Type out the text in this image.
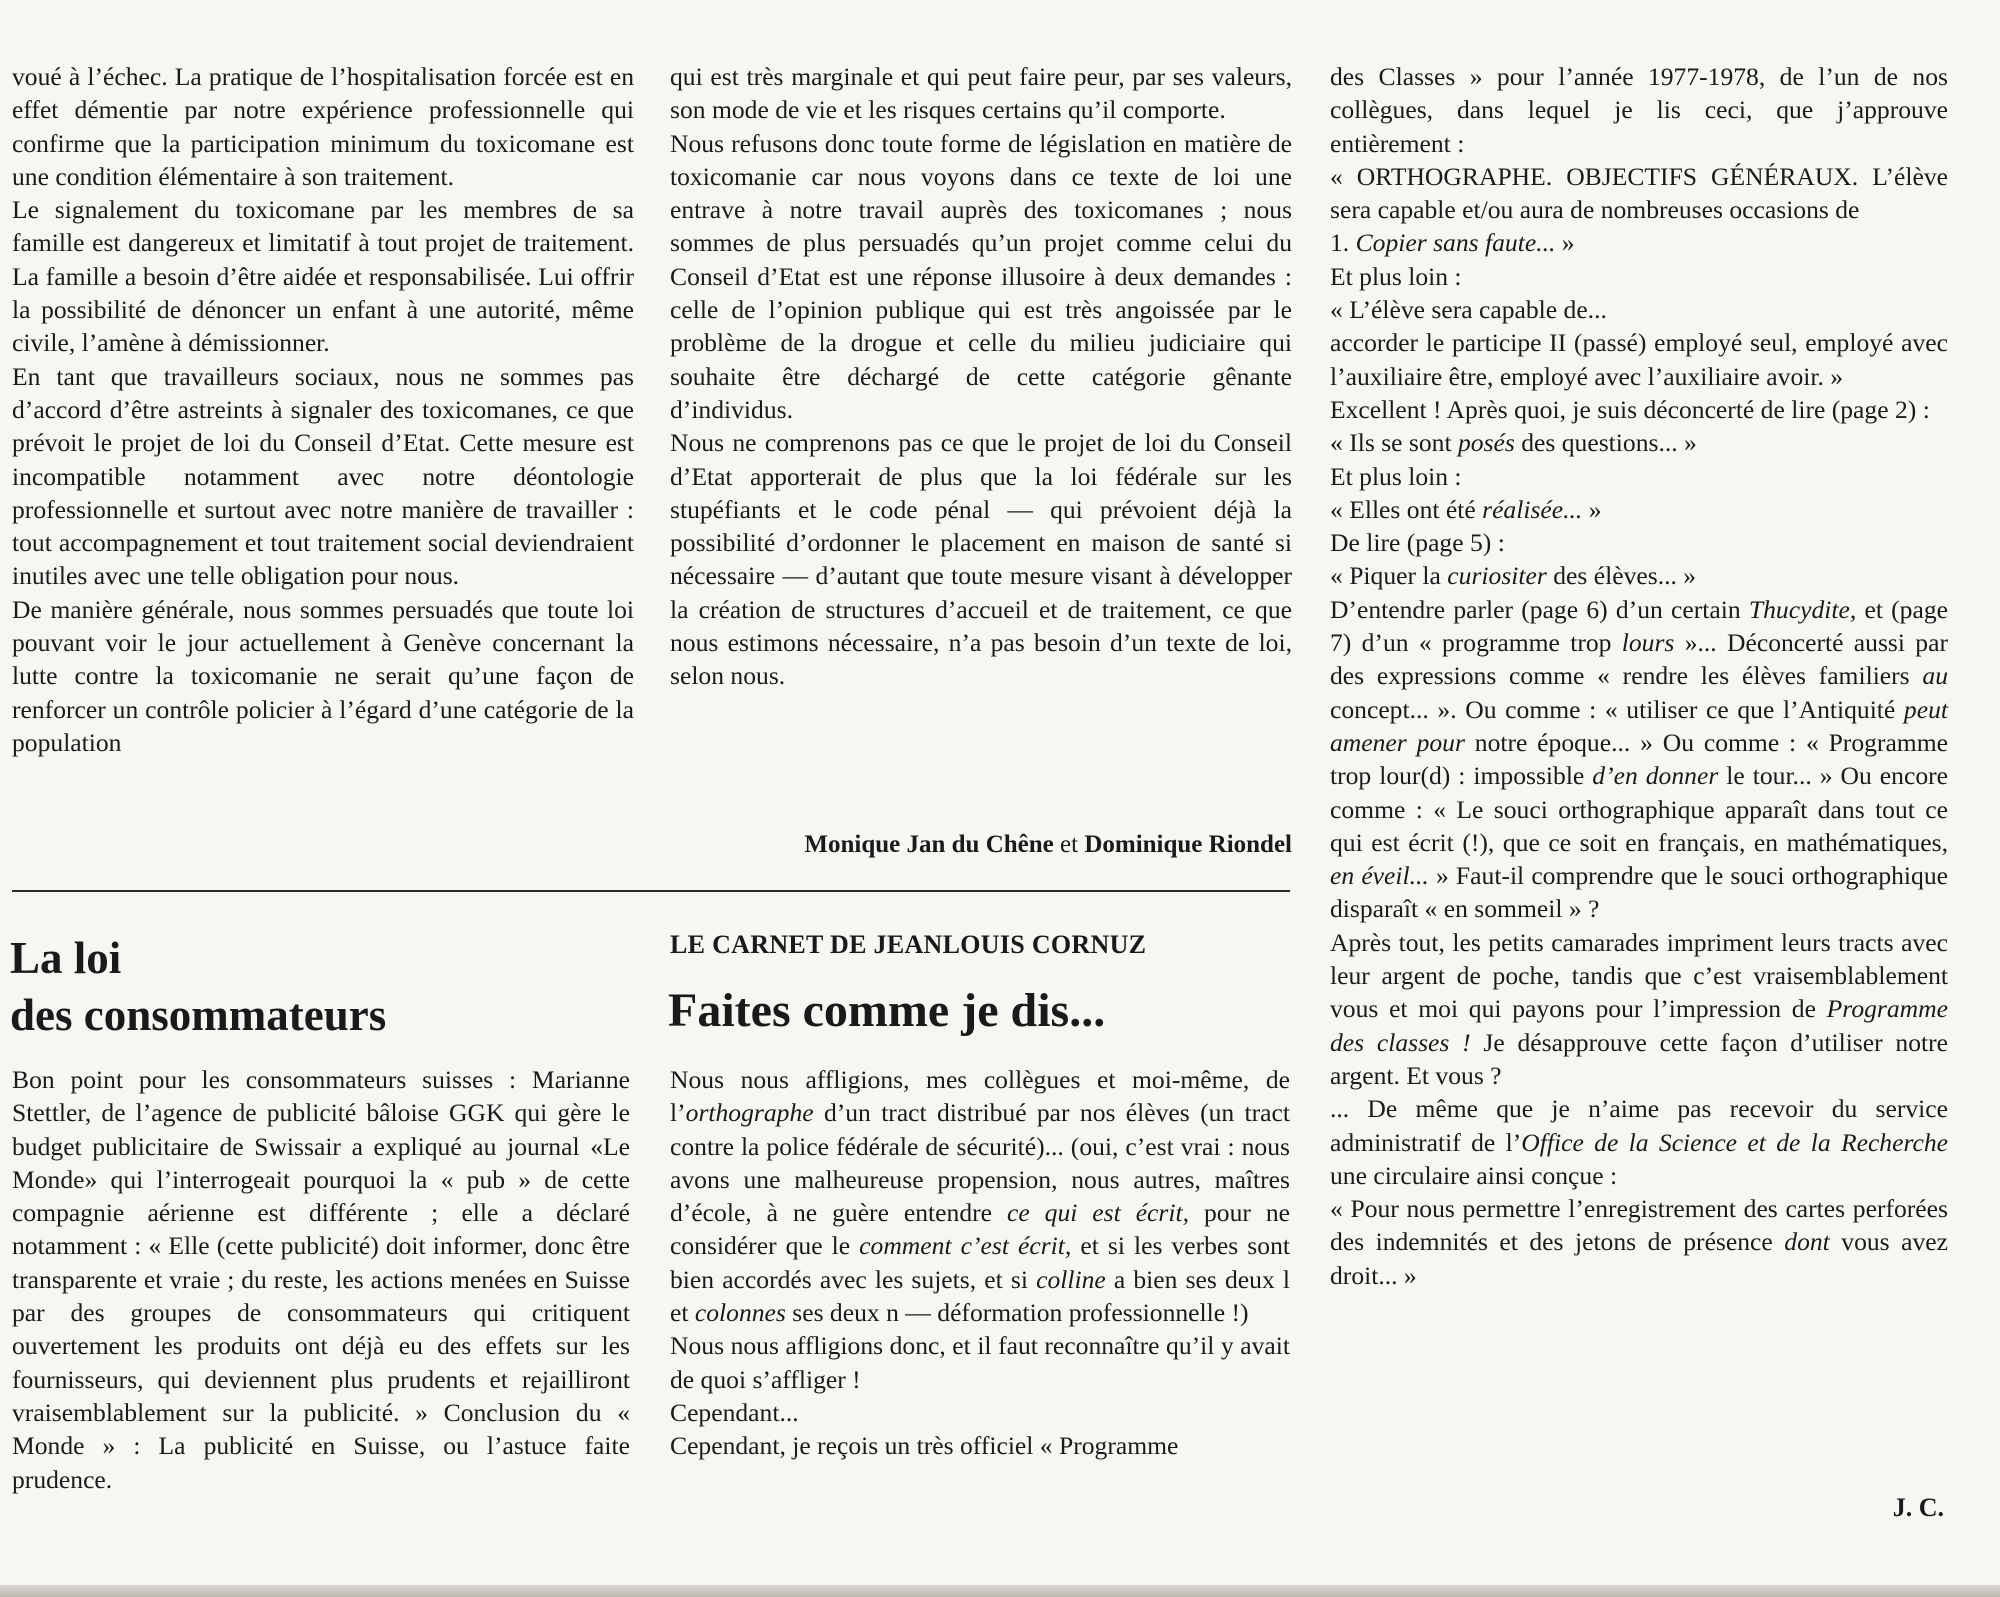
voué à l’échec. La pratique de l’hospitalisation forcée est en effet démentie par notre expérience professionnelle qui confirme que la participation minimum du toxicomane est une condition élémentaire à son traitement.

Le signalement du toxicomane par les membres de sa famille est dangereux et limitatif à tout projet de traitement. La famille a besoin d’être aidée et responsabilisée. Lui offrir la possibilité de dénoncer un enfant à une autorité, même civile, l’amène à démissionner.

En tant que travailleurs sociaux, nous ne sommes pas d’accord d’être astreints à signaler des toxicomanes, ce que prévoit le projet de loi du Conseil d’Etat. Cette mesure est incompatible notamment avec notre déontologie professionnelle et surtout avec notre manière de travailler : tout accompagnement et tout traitement social deviendraient inutiles avec une telle obligation pour nous.

De manière générale, nous sommes persuadés que toute loi pouvant voir le jour actuellement à Genève concernant la lutte contre la toxicomanie ne serait qu’une façon de renforcer un contrôle policier à l’égard d’une catégorie de la population

qui est très marginale et qui peut faire peur, par ses valeurs, son mode de vie et les risques certains qu’il comporte.

Nous refusons donc toute forme de législation en matière de toxicomanie car nous voyons dans ce texte de loi une entrave à notre travail auprès des toxicomanes ; nous sommes de plus persuadés qu’un projet comme celui du Conseil d’Etat est une réponse illusoire à deux demandes : celle de l’opinion publique qui est très angoissée par le problème de la drogue et celle du milieu judiciaire qui souhaite être déchargé de cette catégorie gênante d’individus.

Nous ne comprenons pas ce que le projet de loi du Conseil d’Etat apporterait de plus que la loi fédérale sur les stupéfiants et le code pénal — qui prévoient déjà la possibilité d’ordonner le placement en maison de santé si nécessaire — d’autant que toute mesure visant à développer la création de structures d’accueil et de traitement, ce que nous estimons nécessaire, n’a pas besoin d’un texte de loi, selon nous.

Monique Jan du Chêne et Dominique Riondel
La loi
des consommateurs

Bon point pour les consommateurs suisses : Marianne Stettler, de l’agence de publicité bâloise GGK qui gère le budget publicitaire de Swissair a expliqué au journal «Le Monde» qui l’interrogeait pourquoi la « pub » de cette compagnie aérienne est différente ; elle a déclaré notamment : « Elle (cette publicité) doit informer, donc être transparente et vraie ; du reste, les actions menées en Suisse par des groupes de consommateurs qui critiquent ouvertement les produits ont déjà eu des effets sur les fournisseurs, qui deviennent plus prudents et rejailliront vraisemblablement sur la publicité. » Conclusion du « Monde » : La publicité en Suisse, ou l’astuce faite prudence.

LE CARNET DE JEANLOUIS CORNUZ
Faites comme je dis...

Nous nous affligions, mes collègues et moi-même, de l’orthographe d’un tract distribué par nos élèves (un tract contre la police fédérale de sécurité)... (oui, c’est vrai : nous avons une malheureuse propension, nous autres, maîtres d’école, à ne guère entendre ce qui est écrit, pour ne considérer que le comment c’est écrit, et si les verbes sont bien accordés avec les sujets, et si colline a bien ses deux l et colonnes ses deux n — déformation professionnelle !)

Nous nous affligions donc, et il faut reconnaître qu’il y avait de quoi s’affliger !

Cependant...

Cependant, je reçois un très officiel « Programme

des Classes » pour l’année 1977-1978, de l’un de nos collègues, dans lequel je lis ceci, que j’approuve entièrement :

« ORTHOGRAPHE. OBJECTIFS GÉNÉRAUX. L’élève sera capable et/ou aura de nombreuses occasions de

1. Copier sans faute... »

Et plus loin :

« L’élève sera capable de...

accorder le participe II (passé) employé seul, employé avec l’auxiliaire être, employé avec l’auxiliaire avoir. »

Excellent ! Après quoi, je suis déconcerté de lire (page 2) :

« Ils se sont posés des questions... »

Et plus loin :

« Elles ont été réalisée... »

De lire (page 5) :

« Piquer la curiositer des élèves... »

D’entendre parler (page 6) d’un certain Thucydite, et (page 7) d’un « programme trop lours »... Déconcerté aussi par des expressions comme « rendre les élèves familiers au concept... ». Ou comme : « utiliser ce que l’Antiquité peut amener pour notre époque... » Ou comme : « Programme trop lour(d) : impossible d’en donner le tour... » Ou encore comme : « Le souci orthographique apparaît dans tout ce qui est écrit (!), que ce soit en français, en mathématiques, en éveil... » Faut-il comprendre que le souci orthographique disparaît « en sommeil » ?

Après tout, les petits camarades impriment leurs tracts avec leur argent de poche, tandis que c’est vraisemblablement vous et moi qui payons pour l’impression de Programme des classes ! Je désapprouve cette façon d’utiliser notre argent. Et vous ?

... De même que je n’aime pas recevoir du service administratif de l’Office de la Science et de la Recherche une circulaire ainsi conçue :

« Pour nous permettre l’enregistrement des cartes perforées des indemnités et des jetons de présence dont vous avez droit... »

J. C.
